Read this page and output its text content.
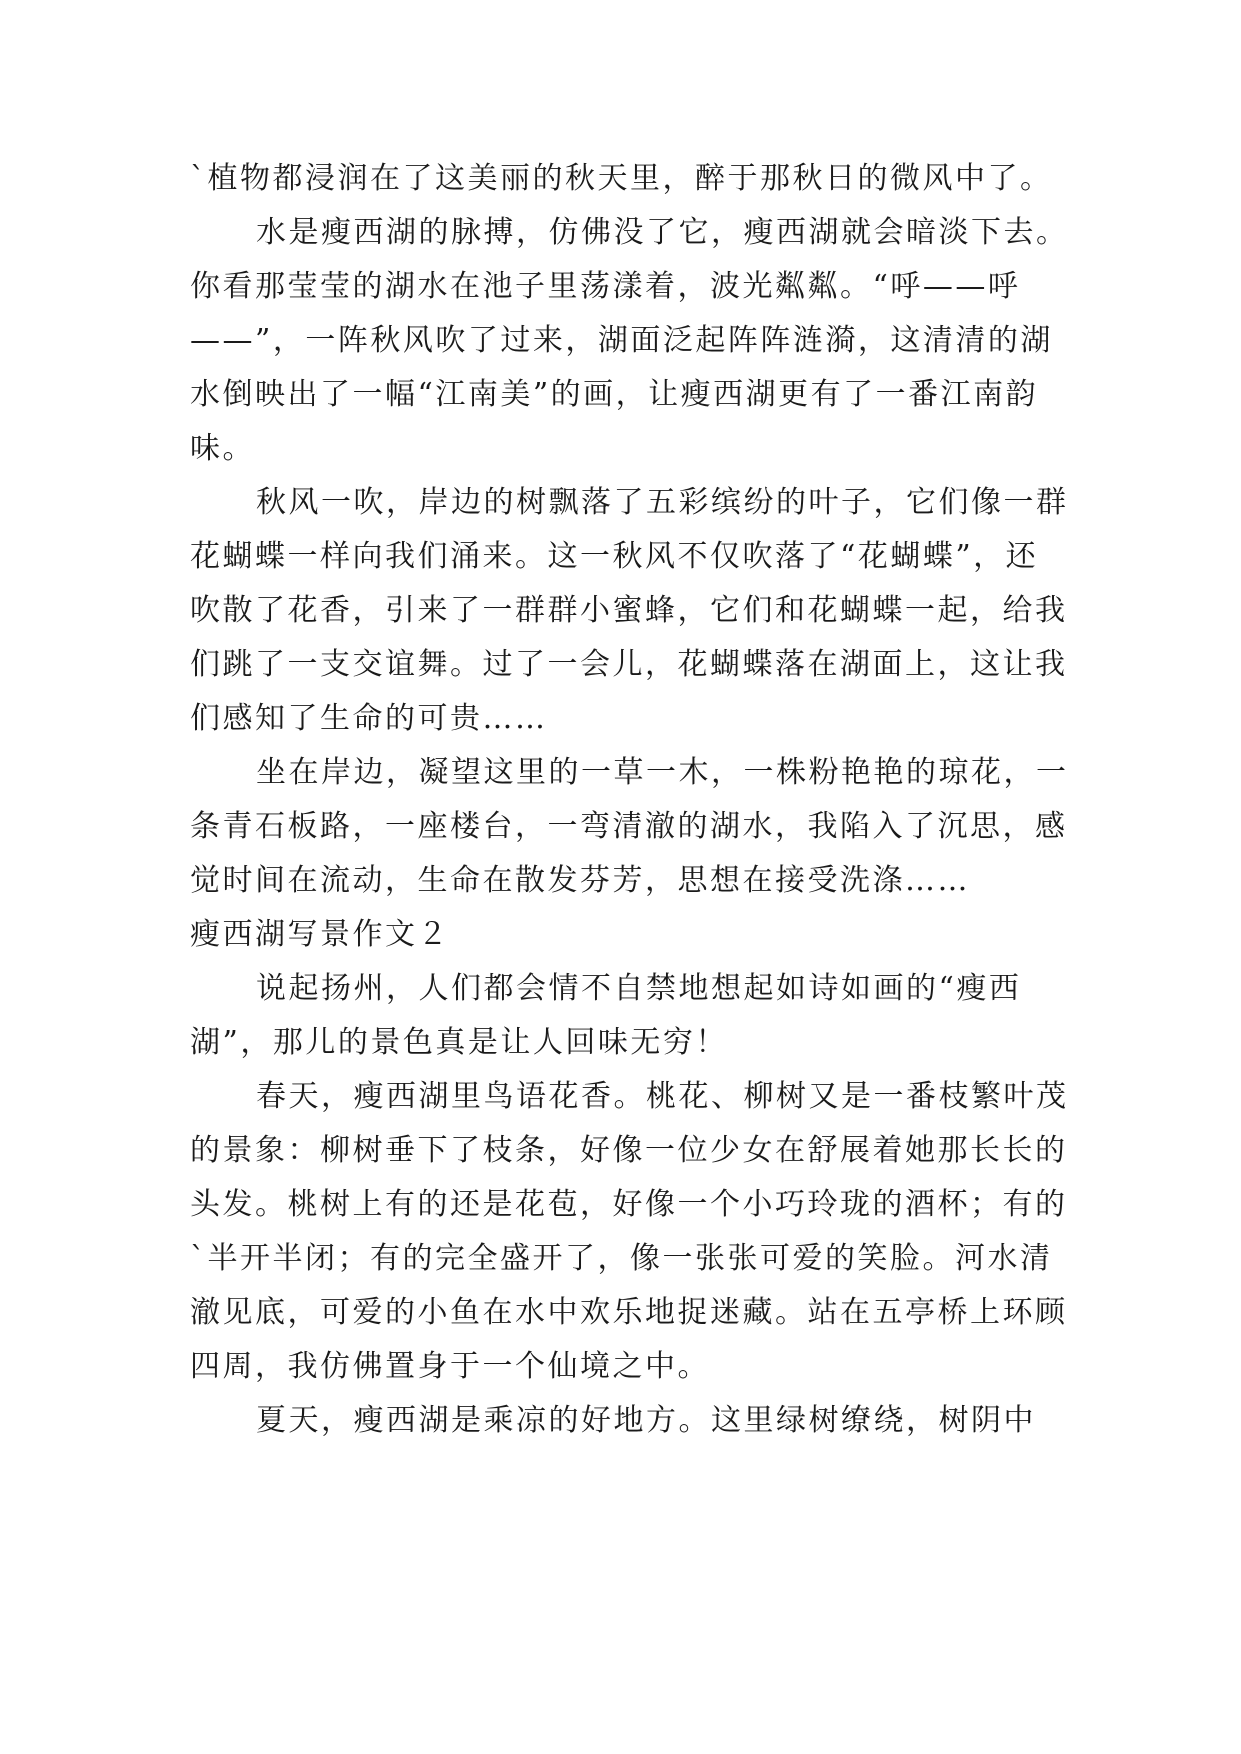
`植物都浸润在了这美丽的秋天里，醉于那秋日的微风中了。

水是瘦西湖的脉搏，仿佛没了它，瘦西湖就会暗淡下去。你看那莹莹的湖水在池子里荡漾着，波光粼粼。“呼——呼——”，一阵秋风吹了过来，湖面泛起阵阵涟漪，这清清的湖水倒映出了一幅“江南美”的画，让瘦西湖更有了一番江南韵味。

秋风一吹，岸边的树飘落了五彩缤纷的叶子，它们像一群花蝴蝶一样向我们涌来。这一秋风不仅吹落了“花蝴蝶”，还吹散了花香，引来了一群群小蜜蜂，它们和花蝴蝶一起，给我们跳了一支交谊舞。过了一会儿，花蝴蝶落在湖面上，这让我们感知了生命的可贵……

坐在岸边，凝望这里的一草一木，一株粉艳艳的琼花，一条青石板路，一座楼台，一弯清澈的湖水，我陷入了沉思，感觉时间在流动，生命在散发芬芳，思想在接受洗涤……

瘦西湖写景作文２

说起扬州，人们都会情不自禁地想起如诗如画的“瘦西湖”，那儿的景色真是让人回味无穷！

春天，瘦西湖里鸟语花香。桃花、柳树又是一番枝繁叶茂的景象：柳树垂下了枝条，好像一位少女在舒展着她那长长的头发。桃树上有的还是花苞，好像一个小巧玲珑的酒杯；有的`半开半闭；有的完全盛开了，像一张张可爱的笑脸。河水清澈见底，可爱的小鱼在水中欢乐地捉迷藏。站在五亭桥上环顾四周，我仿佛置身于一个仙境之中。

夏天，瘦西湖是乘凉的好地方。这里绿树缭绕，树阴中
